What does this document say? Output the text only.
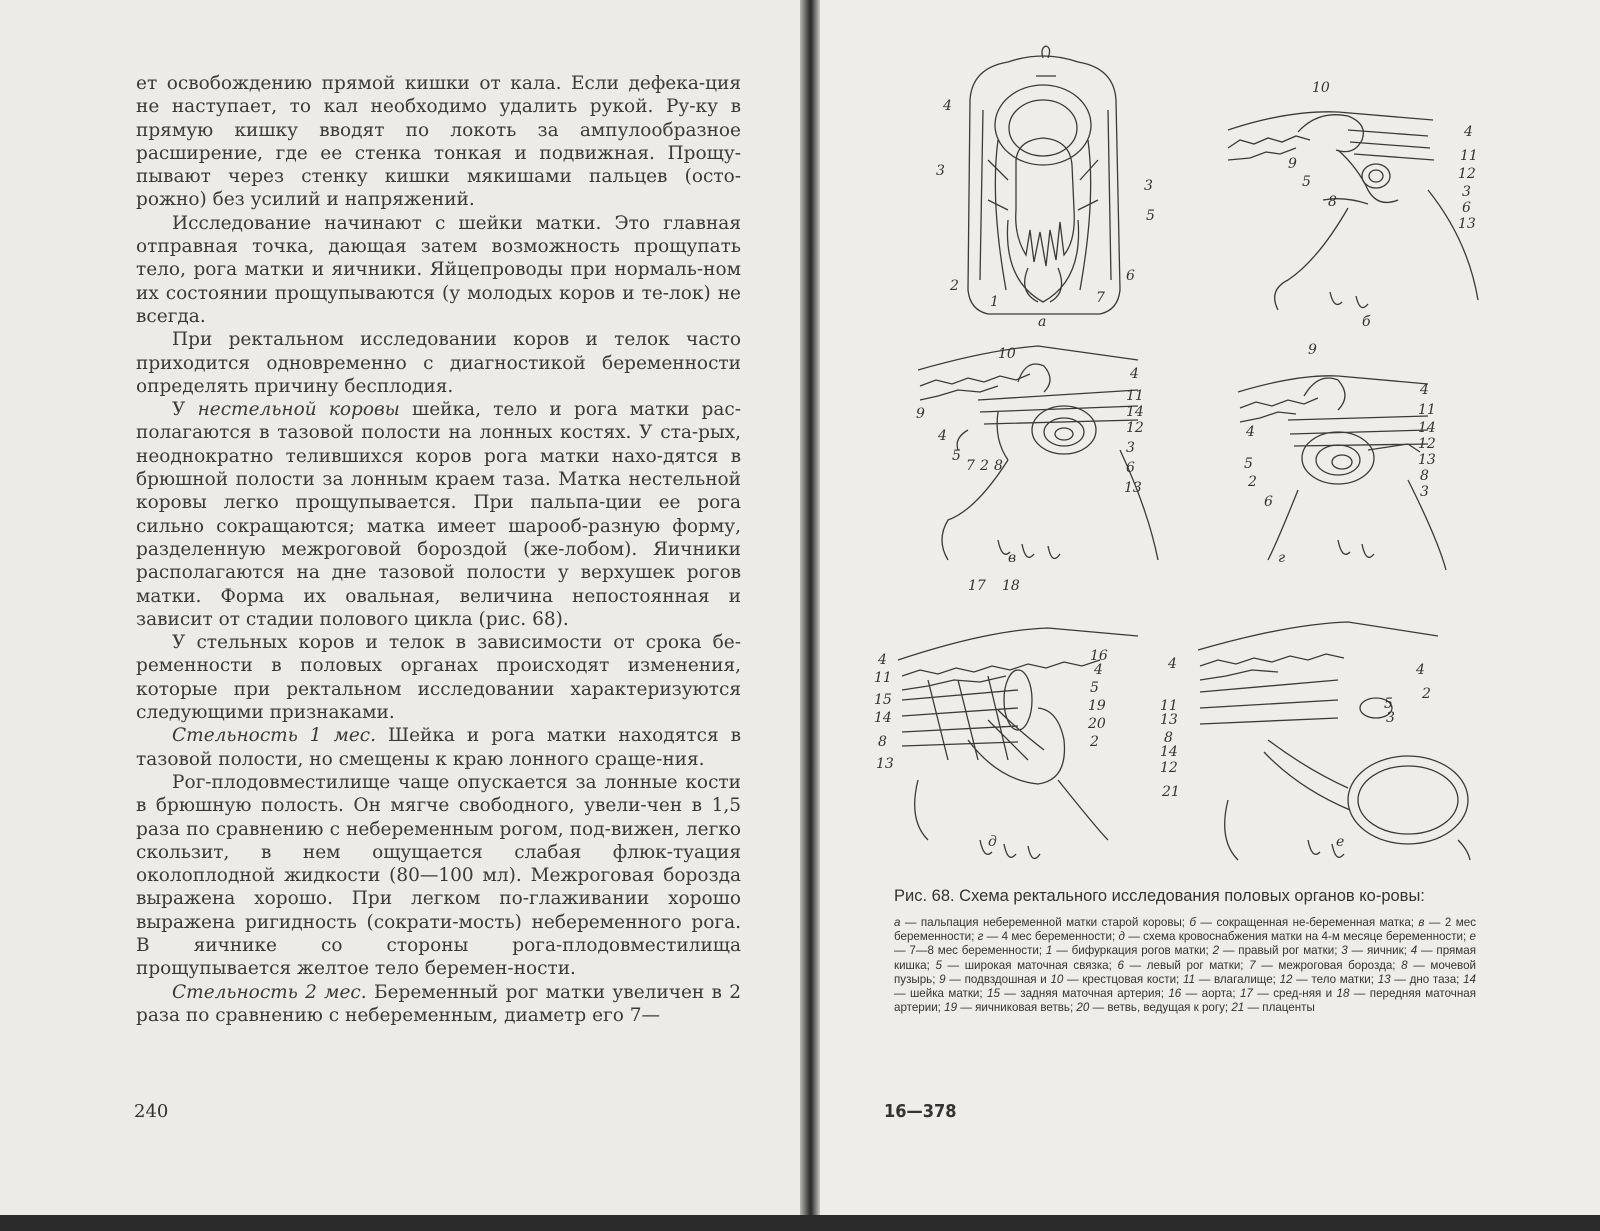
ет освобождению прямой кишки от кала. Если дефека-ция не наступает, то кал необходимо удалить рукой. Ру-ку в прямую кишку вводят по локоть за ампулообразное расширение, где ее стенка тонкая и подвижная. Прощу-пывают через стенку кишки мякишами пальцев (осто-рожно) без усилий и напряжений.

Исследование начинают с шейки матки. Это главная отправная точка, дающая затем возможность прощупать тело, рога матки и яичники. Яйцепроводы при нормаль-ном их состоянии прощупываются (у молодых коров и те-лок) не всегда.

При ректальном исследовании коров и телок часто приходится одновременно с диагностикой беременности определять причину бесплодия.

У нестельной коровы шейка, тело и рога матки рас-полагаются в тазовой полости на лонных костях. У ста-рых, неоднократно телившихся коров рога матки нахо-дятся в брюшной полости за лонным краем таза. Матка нестельной коровы легко прощупывается. При пальпа-ции ее рога сильно сокращаются; матка имеет шарооб-разную форму, разделенную межроговой бороздой (же-лобом). Яичники располагаются на дне тазовой полости у верхушек рогов матки. Форма их овальная, величина непостоянная и зависит от стадии полового цикла (рис. 68).

У стельных коров и телок в зависимости от срока бе-ременности в половых органах происходят изменения, которые при ректальном исследовании характеризуются следующими признаками.

Стельность 1 мес. Шейка и рога матки находятся в тазовой полости, но смещены к краю лонного сраще-ния.

Рог-плодовместилище чаще опускается за лонные кости в брюшную полость. Он мягче свободного, увели-чен в 1,5 раза по сравнению с небеременным рогом, под-вижен, легко скользит, в нем ощущается слабая флюк-туация околоплодной жидкости (80—100 мл). Межроговая борозда выражена хорошо. При легком по-глаживании хорошо выражена ригидность (сократи-мость) небеременного рога. В яичнике со стороны рога-плодовместилища прощупывается желтое тело беремен-ности.

Стельность 2 мес. Беременный рог матки увеличен в 2 раза по сравнению с небеременным, диаметр его 7—

240
4
3
3
5
2
1	7
6
а
10
4
11
12
9
5
3
6
8
13
б
10
4
11
14
12
3
6
13
9
4
5
7 2 8
в
9
4
11
14
12
13
8
3
4
5
2
6
г
17 18
16
4
5
19
20
2
4
11
15
14
8
13
д
4	4
2
5
3
11
13
8
14
12
21
е
Рис. 68. Схема ректального исследования половых органов ко-ровы:
а — пальпация небеременной матки старой коровы; б — сокращенная не-беременная матка; в — 2 мес беременности; г — 4 мес беременности; д — схема кровоснабжения матки на 4-м месяце беременности; е — 7—8 мес беременности; 1 — бифуркация рогов матки; 2 — правый рог матки; 3 — яичник; 4 — прямая кишка; 5 — широкая маточная связка; 6 — левый рог матки; 7 — межроговая борозда; 8 — мочевой пузырь; 9 — подвздошная и 10 — крестцовая кости; 11 — влагалище; 12 — тело матки; 13 — дно таза; 14 — шейка матки; 15 — задняя маточная артерия; 16 — аорта; 17 — сред-няя и 18 — передняя маточная артерии; 19 — яичниковая ветвь; 20 — ветвь, ведущая к рогу; 21 — плаценты
16—378
